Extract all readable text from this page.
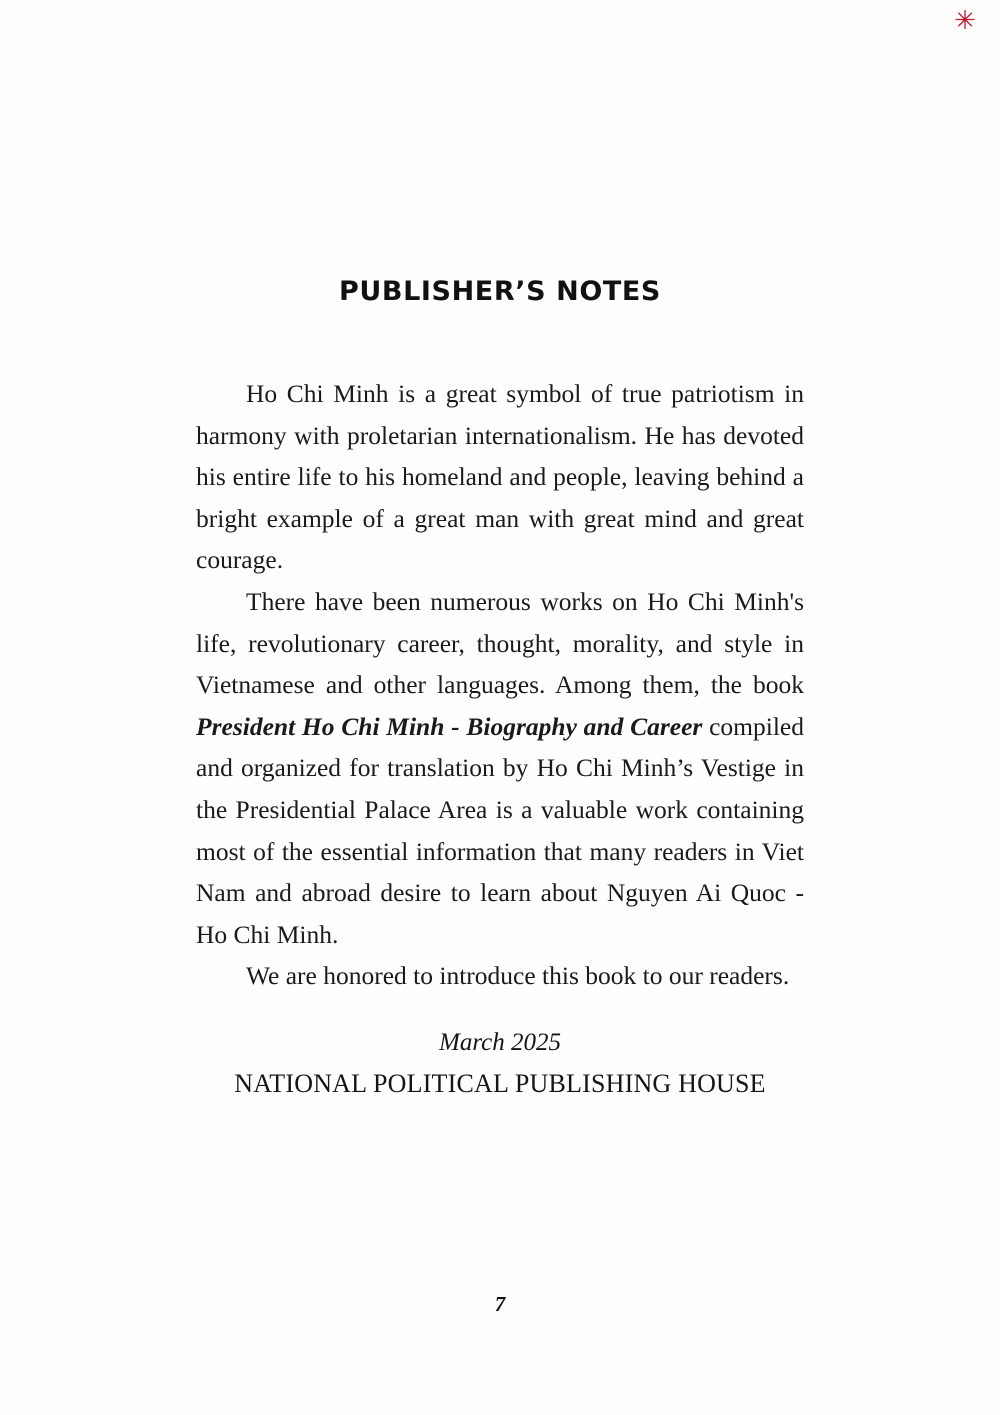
✳
PUBLISHER’S NOTES

Ho Chi Minh is a great symbol of true patriotism in harmony with proletarian internationalism. He has devoted his entire life to his homeland and people, leaving behind a bright example of a great man with great mind and great courage.

There have been numerous works on Ho Chi Minh's life, revolutionary career, thought, morality, and style in Vietnamese and other languages. Among them, the book President Ho Chi Minh - Biography and Career compiled and organized for translation by Ho Chi Minh’s Vestige in the Presidential Palace Area is a valuable work containing most of the essential information that many readers in Viet Nam and abroad desire to learn about Nguyen Ai Quoc - Ho Chi Minh.

We are honored to introduce this book to our readers.

March 2025
NATIONAL POLITICAL PUBLISHING HOUSE
7
